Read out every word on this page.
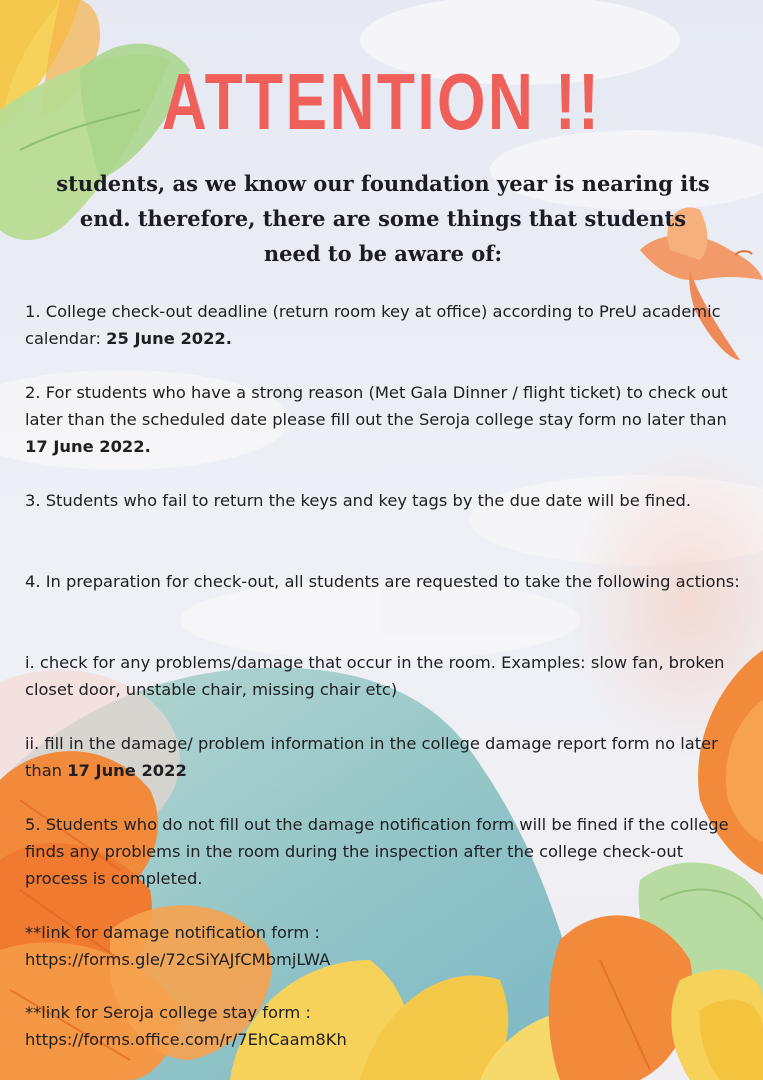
ATTENTION !!

students, as we know our foundation year is nearing its end. therefore, there are some things that students need to be aware of:

1. College check-out deadline (return room key at office) according to PreU academic calendar: 25 June 2022.

2. For students who have a strong reason (Met Gala Dinner / flight ticket) to check out later than the scheduled date please fill out the Seroja college stay form no later than 17 June 2022.

3. Students who fail to return the keys and key tags by the due date will be fined.

4. In preparation for check-out, all students are requested to take the following actions:

i. check for any problems/damage that occur in the room. Examples: slow fan, broken closet door, unstable chair, missing chair etc)

ii. fill in the damage/ problem information in the college damage report form no later than 17 June 2022

5. Students who do not fill out the damage notification form will be fined if the college finds any problems in the room during the inspection after the college check-out process is completed.

**link for damage notification form :
https://forms.gle/72cSiYAJfCMbmjLWA

**link for Seroja college stay form :
https://forms.office.com/r/7EhCaam8Kh
